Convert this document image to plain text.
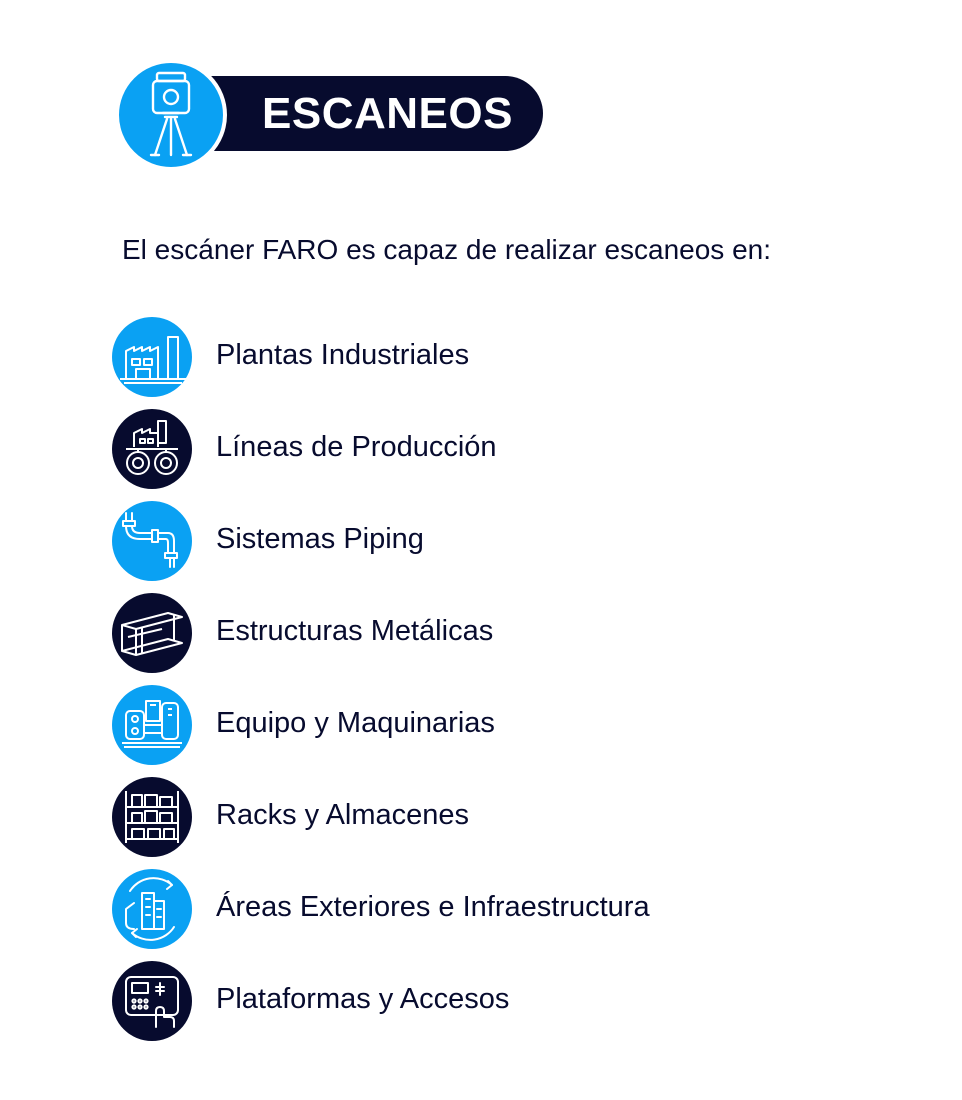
ESCANEOS
El escáner FARO es capaz de realizar escaneos en:
Plantas Industriales
Líneas de Producción
Sistemas Piping
Estructuras Metálicas
Equipo y Maquinarias
Racks y Almacenes
Áreas Exteriores e Infraestructura
Plataformas y Accesos
